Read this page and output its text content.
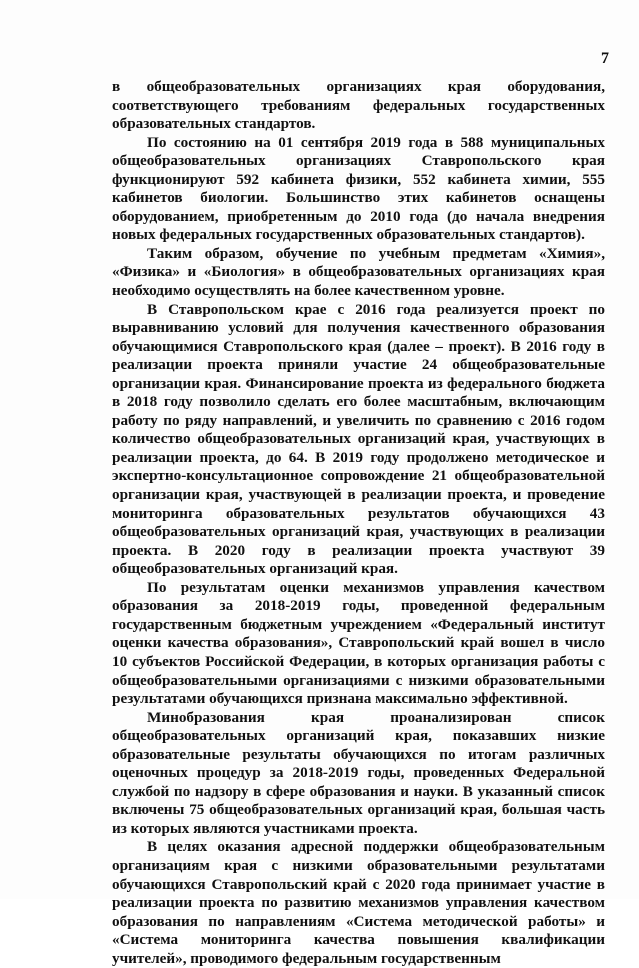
7

в общеобразовательных организациях края оборудования, соответствующего требованиям федеральных государственных образовательных стандартов.

По состоянию на 01 сентября 2019 года в 588 муниципальных общеобразовательных организациях Ставропольского края функционируют 592 кабинета физики, 552 кабинета химии, 555 кабинетов биологии. Большинство этих кабинетов оснащены оборудованием, приобретенным до 2010 года (до начала внедрения новых федеральных государственных образовательных стандартов).

Таким образом, обучение по учебным предметам «Химия», «Физика» и «Биология» в общеобразовательных организациях края необходимо осуществлять на более качественном уровне.

В Ставропольском крае с 2016 года реализуется проект по выравниванию условий для получения качественного образования обучающимися Ставропольского края (далее – проект). В 2016 году в реализации проекта приняли участие 24 общеобразовательные организации края. Финансирование проекта из федерального бюджета в 2018 году позволило сделать его более масштабным, включающим работу по ряду направлений, и увеличить по сравнению с 2016 годом количество общеобразовательных организаций края, участвующих в реализации проекта, до 64. В 2019 году продолжено методическое и экспертно-консультационное сопровождение 21 общеобразовательной организации края, участвующей в реализации проекта, и проведение мониторинга образовательных результатов обучающихся 43 общеобразовательных организаций края, участвующих в реализации проекта. В 2020 году в реализации проекта участвуют 39 общеобразовательных организаций края.

По результатам оценки механизмов управления качеством образования за 2018-2019 годы, проведенной федеральным государственным бюджетным учреждением «Федеральный институт оценки качества образования», Ставропольский край вошел в число 10 субъектов Российской Федерации, в которых организация работы с общеобразовательными организациями с низкими образовательными результатами обучающихся признана максимально эффективной.

Минобразования края проанализирован список общеобразовательных организаций края, показавших низкие образовательные результаты обучающихся по итогам различных оценочных процедур за 2018-2019 годы, проведенных Федеральной службой по надзору в сфере образования и науки. В указанный список включены 75 общеобразовательных организаций края, большая часть из которых являются участниками проекта.

В целях оказания адресной поддержки общеобразовательным организациям края с низкими образовательными результатами обучающихся Ставропольский край с 2020 года принимает участие в реализации проекта по развитию механизмов управления качеством образования по направлениям «Система методической работы» и «Система мониторинга качества повышения квалификации учителей», проводимого федеральным государственным
